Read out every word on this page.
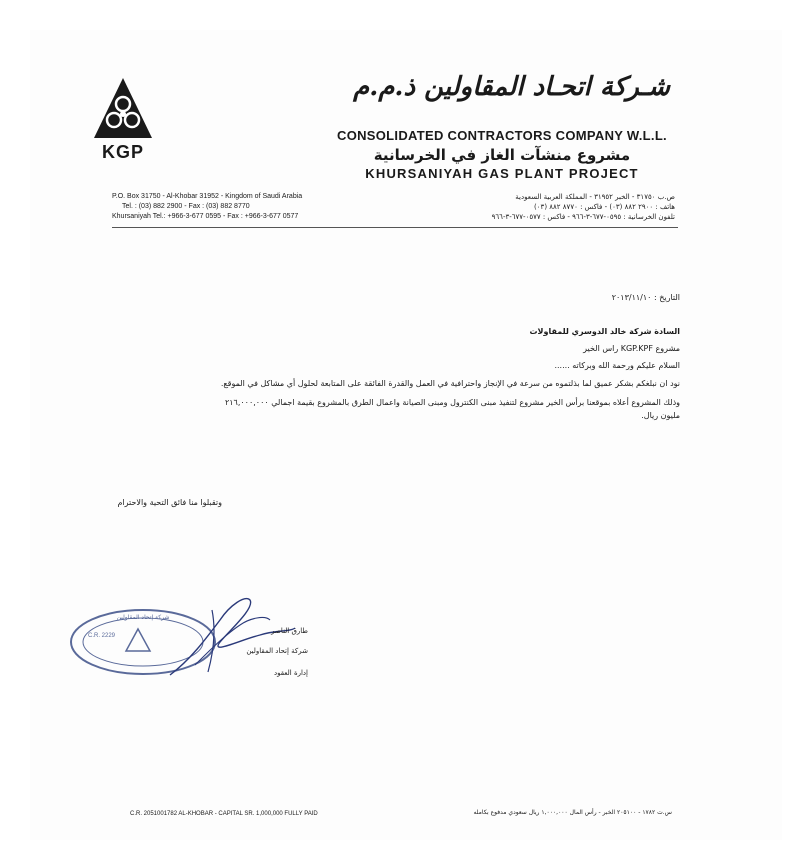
KGP
شـركة اتحـاد المقاولين ذ.م.م
CONSOLIDATED CONTRACTORS COMPANY W.L.L.
مشروع منشآت الغاز في الخرسانية
KHURSANIYAH GAS PLANT PROJECT
P.O. Box 31750 - Al-Khobar 31952 - Kingdom of Saudi Arabia
Tel. : (03) 882 2900 - Fax : (03) 882 8770
Khursaniyah Tel.: +966-3-677 0595 - Fax : +966-3-677 0577
ص.ب ٣١٧٥٠ - الخبر ٣١٩٥٢ - المملكة العربية السعودية
هاتف : ٢٩٠٠ ٨٨٢ (٠٣) - فاكس : ٨٧٧٠ ٨٨٢ (٠٣)
تلفون الخرسانية : ٠٥٩٥-٦٧٧-٣-٩٦٦ - فاكس : ٠٥٧٧-٦٧٧-٣-٩٦٦
التاريخ : ٢٠١٣/١١/١٠
السادة شركة خالد الدوسري للمقاولات
مشروع KGP.KPF راس الخير
السلام عليكم ورحمة الله وبركاته ......
نود ان نبلغكم بشكر عميق لما بذلتموه من سرعة في الإنجاز واحترافية في العمل والقدرة الفائقة على المتابعة لحلول أي مشاكل في الموقع.
وذلك المشروع أعلاه بموقعنا برأس الخير مشروع لتنفيذ مبنى الكنترول ومبنى الصيانة واعمال الطرق بالمشروع بقيمة اجمالي ٢١٦,٠٠٠,٠٠٠
مليون ريال.
وتقبلوا منا فائق التحية والاحترام
C.R. 2229
شركة إتحاد المقاولين
طارق الناصر
شركة إتحاد المقاولين
إدارة العقود
C.R. 2051001782 AL-KHOBAR - CAPITAL SR. 1,000,000 FULLY PAID	س.ت ١٧٨٢ - ٢٠٥١٠٠ الخبر - رأس المال ١,٠٠٠,٠٠٠ ريال سعودي مدفوع بكامله
